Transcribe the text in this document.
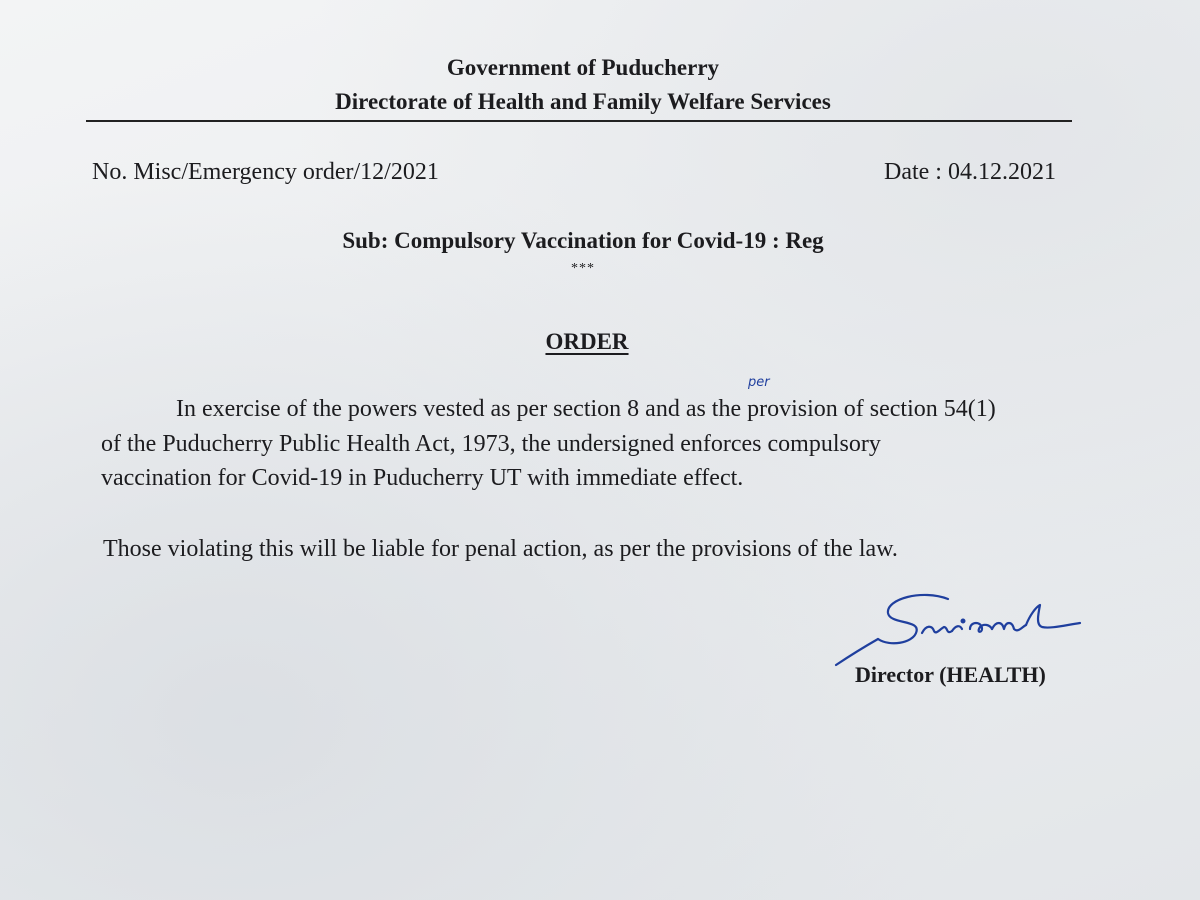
Government of Puducherry
Directorate of Health and Family Welfare Services
No. Misc/Emergency order/12/2021	Date : 04.12.2021
Sub: Compulsory Vaccination for Covid-19 : Reg
***
ORDER
In exercise of the powers vested as per section 8 and as the provision of section 54(1)
per
of the Puducherry Public Health Act, 1973, the undersigned enforces compulsory
vaccination for Covid-19 in Puducherry UT with immediate effect.
Those violating this will be liable for penal action, as per the provisions of the law.
Director (HEALTH)
